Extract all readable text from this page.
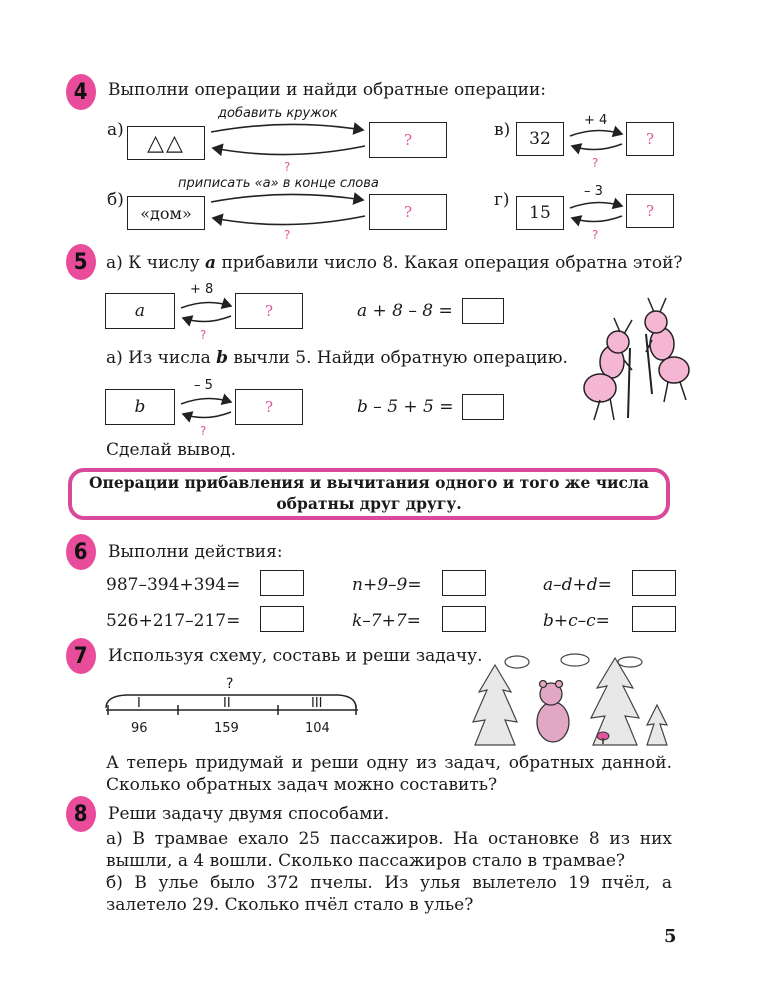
4 Выполни операции и найди обратные операции:
а)
добавить кружок
△△	?
?
б)
приписать «а» в конце слова
«дом»	?
?
в)	+ 4
32	?
?
г)	– 3
15	?
?
5 а) К числу a прибавили число 8. Какая операция обратна этой?
+ 8
a	?
?
a + 8 – 8 =
а) Из числа b вычли 5. Найди обратную операцию.
– 5
b	?
?
b – 5 + 5 =
Сделай вывод.
Операции прибавления и вычитания одного и того же числа
обратны друг другу.
6 Выполни действия:
987–394+394=	n+9–9=	a–d+d=
526+217–217=	k–7+7=	b+c–c=
7 Используя схему, составь и реши задачу.
?
I	II	III
96	159	104
А теперь придумай и реши одну из задач, обратных данной. Сколько обратных задач можно составить?
8 Реши задачу двумя способами.
а) В трамвае ехало 25 пассажиров. На остановке 8 из них вышли, а 4 вошли. Сколько пассажиров стало в трамвае?
б) В улье было 372 пчелы. Из улья вылетело 19 пчёл, а залетело 29. Сколько пчёл стало в улье?
5
